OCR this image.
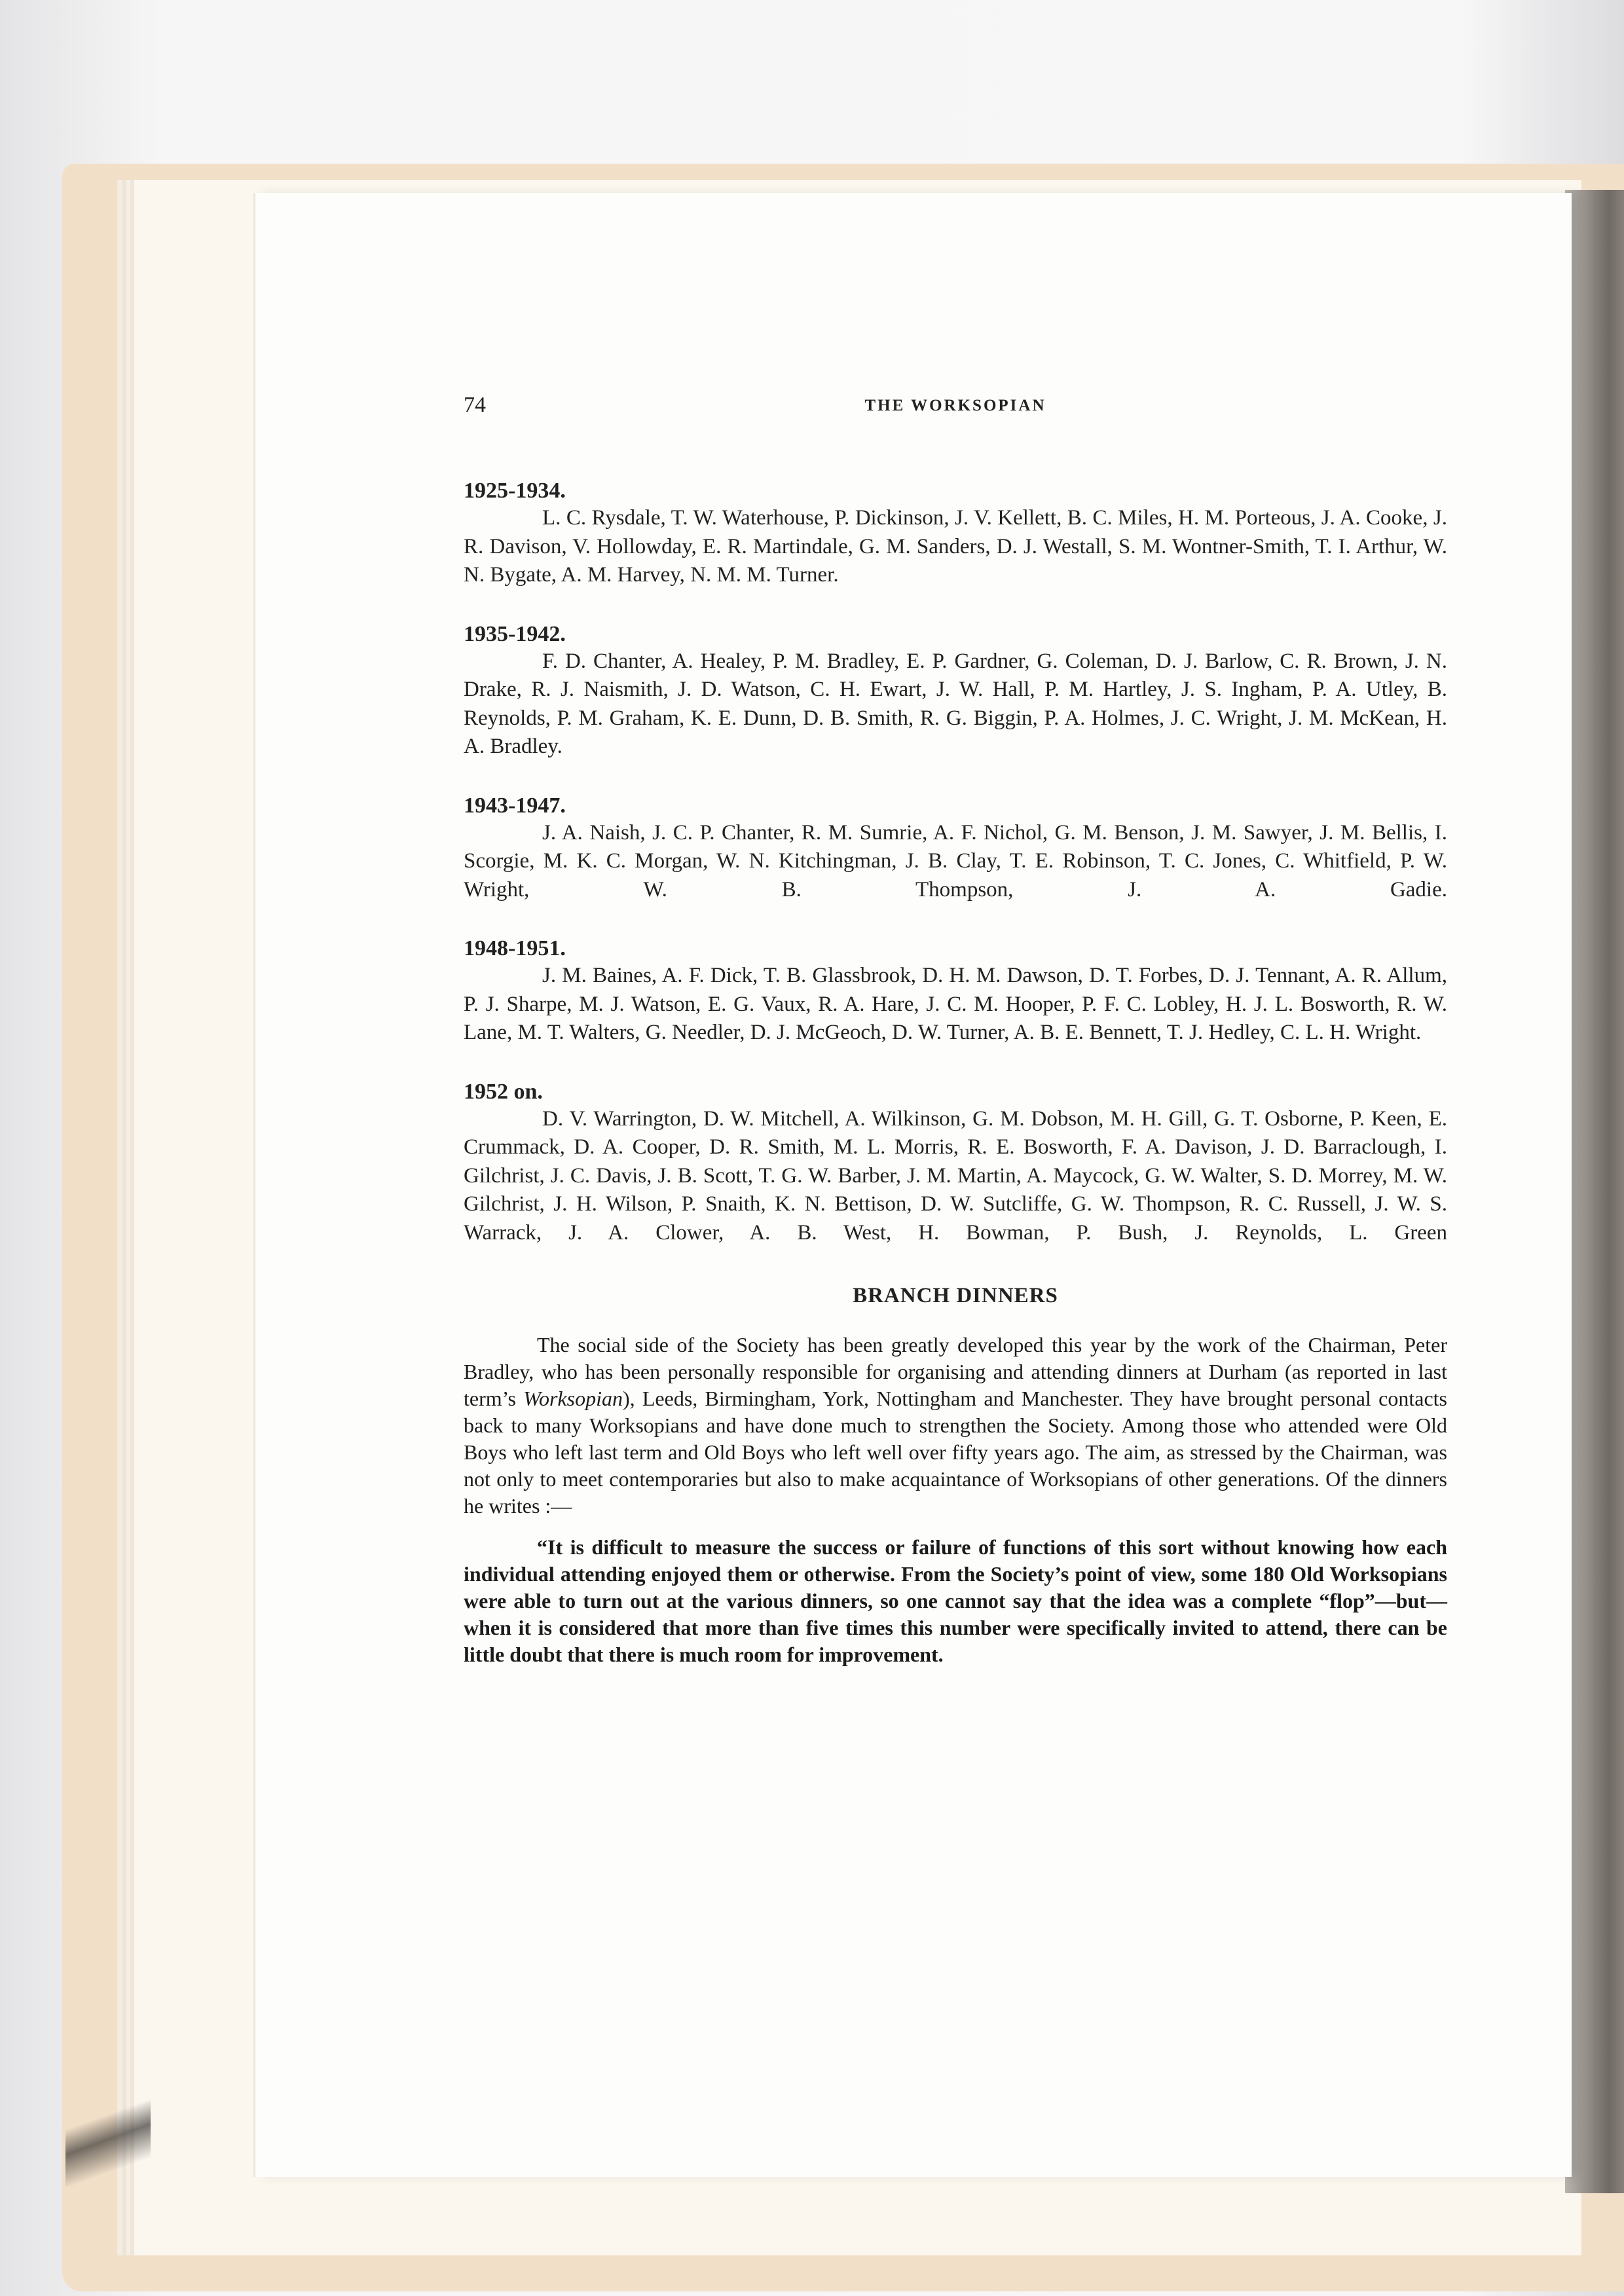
74	THE WORKSOPIAN
1925-1934.

L. C. Rysdale, T. W. Waterhouse, P. Dickinson, J. V. Kellett, B. C. Miles, H. M. Porteous, J. A. Cooke, J. R. Davison, V. Hollowday, E. R. Martindale, G. M. Sanders, D. J. Westall, S. M. Wontner-Smith, T. I. Arthur, W. N. Bygate, A. M. Harvey, N. M. M. Turner.

1935-1942.

F. D. Chanter, A. Healey, P. M. Bradley, E. P. Gardner, G. Coleman, D. J. Barlow, C. R. Brown, J. N. Drake, R. J. Naismith, J. D. Watson, C. H. Ewart, J. W. Hall, P. M. Hartley, J. S. Ingham, P. A. Utley, B. Reynolds, P. M. Graham, K. E. Dunn, D. B. Smith, R. G. Biggin, P. A. Holmes, J. C. Wright, J. M. McKean, H. A. Bradley.

1943-1947.

J. A. Naish, J. C. P. Chanter, R. M. Sumrie, A. F. Nichol, G. M. Benson, J. M. Sawyer, J. M. Bellis, I. Scorgie, M. K. C. Morgan, W. N. Kitchingman, J. B. Clay, T. E. Robinson, T. C. Jones, C. Whitfield, P. W. Wright, W. B. Thompson, J. A. Gadie.

1948-1951.

J. M. Baines, A. F. Dick, T. B. Glassbrook, D. H. M. Dawson, D. T. Forbes, D. J. Tennant, A. R. Allum, P. J. Sharpe, M. J. Watson, E. G. Vaux, R. A. Hare, J. C. M. Hooper, P. F. C. Lobley, H. J. L. Bosworth, R. W. Lane, M. T. Walters, G. Needler, D. J. McGeoch, D. W. Turner, A. B. E. Bennett, T. J. Hedley, C. L. H. Wright.

1952 on.

D. V. Warrington, D. W. Mitchell, A. Wilkinson, G. M. Dobson, M. H. Gill, G. T. Osborne, P. Keen, E. Crummack, D. A. Cooper, D. R. Smith, M. L. Morris, R. E. Bosworth, F. A. Davison, J. D. Barraclough, I. Gilchrist, J. C. Davis, J. B. Scott, T. G. W. Barber, J. M. Martin, A. Maycock, G. W. Walter, S. D. Morrey, M. W. Gilchrist, J. H. Wilson, P. Snaith, K. N. Bettison, D. W. Sutcliffe, G. W. Thompson, R. C. Russell, J. W. S. Warrack, J. A. Clower, A. B. West, H. Bowman, P. Bush, J. Reynolds, L. Green

BRANCH DINNERS

The social side of the Society has been greatly developed this year by the work of the Chairman, Peter Bradley, who has been personally responsible for organising and attending dinners at Durham (as reported in last term’s Worksopian), Leeds, Birmingham, York, Nottingham and Manchester. They have brought personal contacts back to many Worksopians and have done much to strengthen the Society. Among those who attended were Old Boys who left last term and Old Boys who left well over fifty years ago. The aim, as stressed by the Chairman, was not only to meet contemporaries but also to make acquaintance of Worksopians of other generations. Of the dinners he writes :—

“It is difficult to measure the success or failure of functions of this sort without knowing how each individual attending enjoyed them or otherwise. From the Society’s point of view, some 180 Old Worksopians were able to turn out at the various dinners, so one cannot say that the idea was a complete “flop”—but—when it is considered that more than five times this number were specifically invited to attend, there can be little doubt that there is much room for improvement.
